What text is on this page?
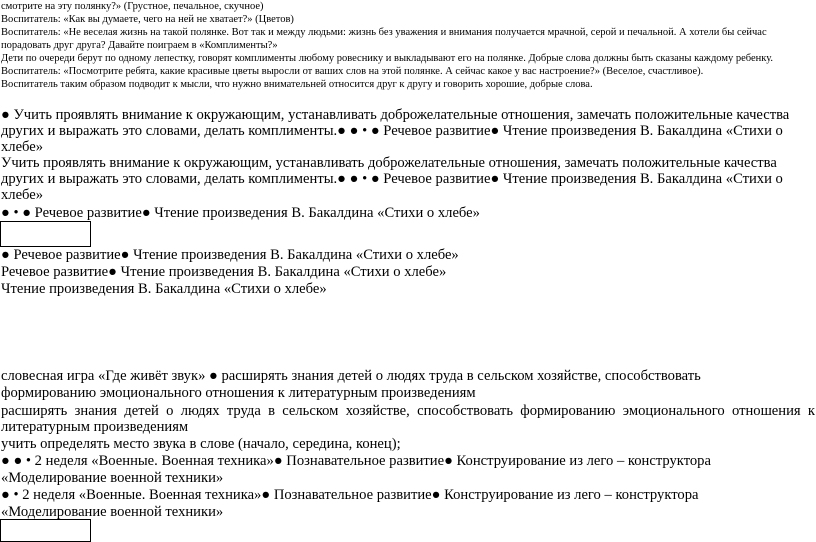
смотрите на эту полянку?» (Грустное, печальное, скучное)
Воспитатель: «Как вы думаете, чего на ней не хватает?» (Цветов)
Воспитатель: «Не веселая жизнь на такой полянке. Вот так и между людьми: жизнь без уважения и внимания получается мрачной, серой и печальной. А хотели бы сейчас
порадовать друг друга? Давайте поиграем в «Комплименты?»
Дети по очереди берут по одному лепестку, говорят комплименты любому ровеснику и выкладывают его на полянке. Добрые слова должны быть сказаны каждому ребенку.
Воспитатель: «Посмотрите ребята, какие красивые цветы выросли от ваших слов на этой полянке. А сейчас какое у вас настроение?» (Веселое, счастливое).
Воспитатель таким образом подводит к мысли, что нужно внимательней относится друг к другу и говорить хорошие, добрые слова.
● Учить проявлять внимание к окружающим, устанавливать доброжелательные отношения, замечать положительные качества
других и выражать это словами, делать комплименты.● ● • ● Речевое развитие● Чтение произведения В. Бакалдина «Стихи о
хлебе»
Учить проявлять внимание к окружающим, устанавливать доброжелательные отношения, замечать положительные качества
других и выражать это словами, делать комплименты.● ● • ● Речевое развитие● Чтение произведения В. Бакалдина «Стихи о
хлебе»
● • ● Речевое развитие● Чтение произведения В. Бакалдина «Стихи о хлебе»
● Речевое развитие● Чтение произведения В. Бакалдина «Стихи о хлебе»
Речевое развитие● Чтение произведения В. Бакалдина «Стихи о хлебе»
Чтение произведения В. Бакалдина «Стихи о хлебе»
словесная игра «Где живёт звук» ● расширять знания детей о людях труда в сельском хозяйстве, способствовать
формированию эмоционального отношения к литературным произведениям
расширять знания детей о людях труда в сельском хозяйстве, способствовать формированию эмоционального отношения к
литературным произведениям
учить определять место звука в слове (начало, середина, конец);
● ● • 2 неделя «Военные. Военная техника»● Познавательное развитие● Конструирование из лего – конструктора
«Моделирование военной техники»
● • 2 неделя «Военные. Военная техника»● Познавательное развитие● Конструирование из лего – конструктора
«Моделирование военной техники»
